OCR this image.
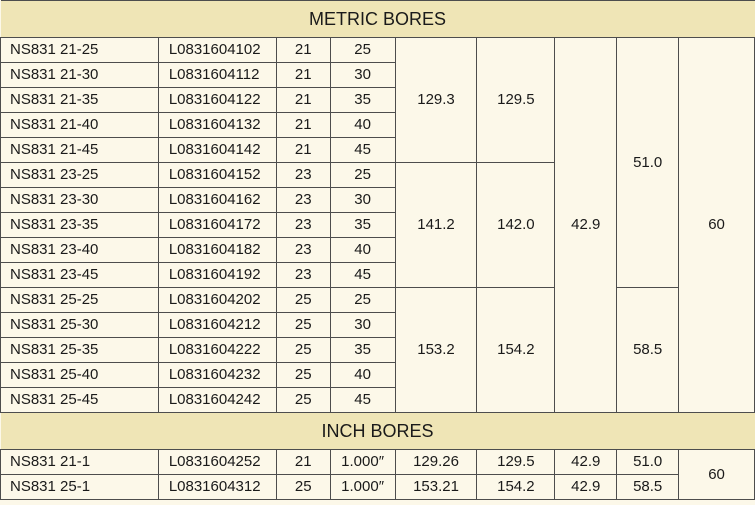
METRIC BORES								
NS831 21-25	L0831604102	21	25	129.3	129.5	42.9	51.0	60
NS831 21-30	L0831604112	21	30					
NS831 21-35	L0831604122	21	35					
NS831 21-40	L0831604132	21	40					
NS831 21-45	L0831604142	21	45					
NS831 23-25	L0831604152	23	25	141.2	142.0			
NS831 23-30	L0831604162	23	30					
NS831 23-35	L0831604172	23	35					
NS831 23-40	L0831604182	23	40					
NS831 23-45	L0831604192	23	45					
NS831 25-25	L0831604202	25	25	153.2	154.2		58.5	
NS831 25-30	L0831604212	25	30					
NS831 25-35	L0831604222	25	35					
NS831 25-40	L0831604232	25	40					
NS831 25-45	L0831604242	25	45					
INCH BORES								
NS831 21-1	L0831604252	21	1.000″	129.26	129.5	42.9	51.0	60
NS831 25-1	L0831604312	25	1.000″	153.21	154.2	42.9	58.5	
